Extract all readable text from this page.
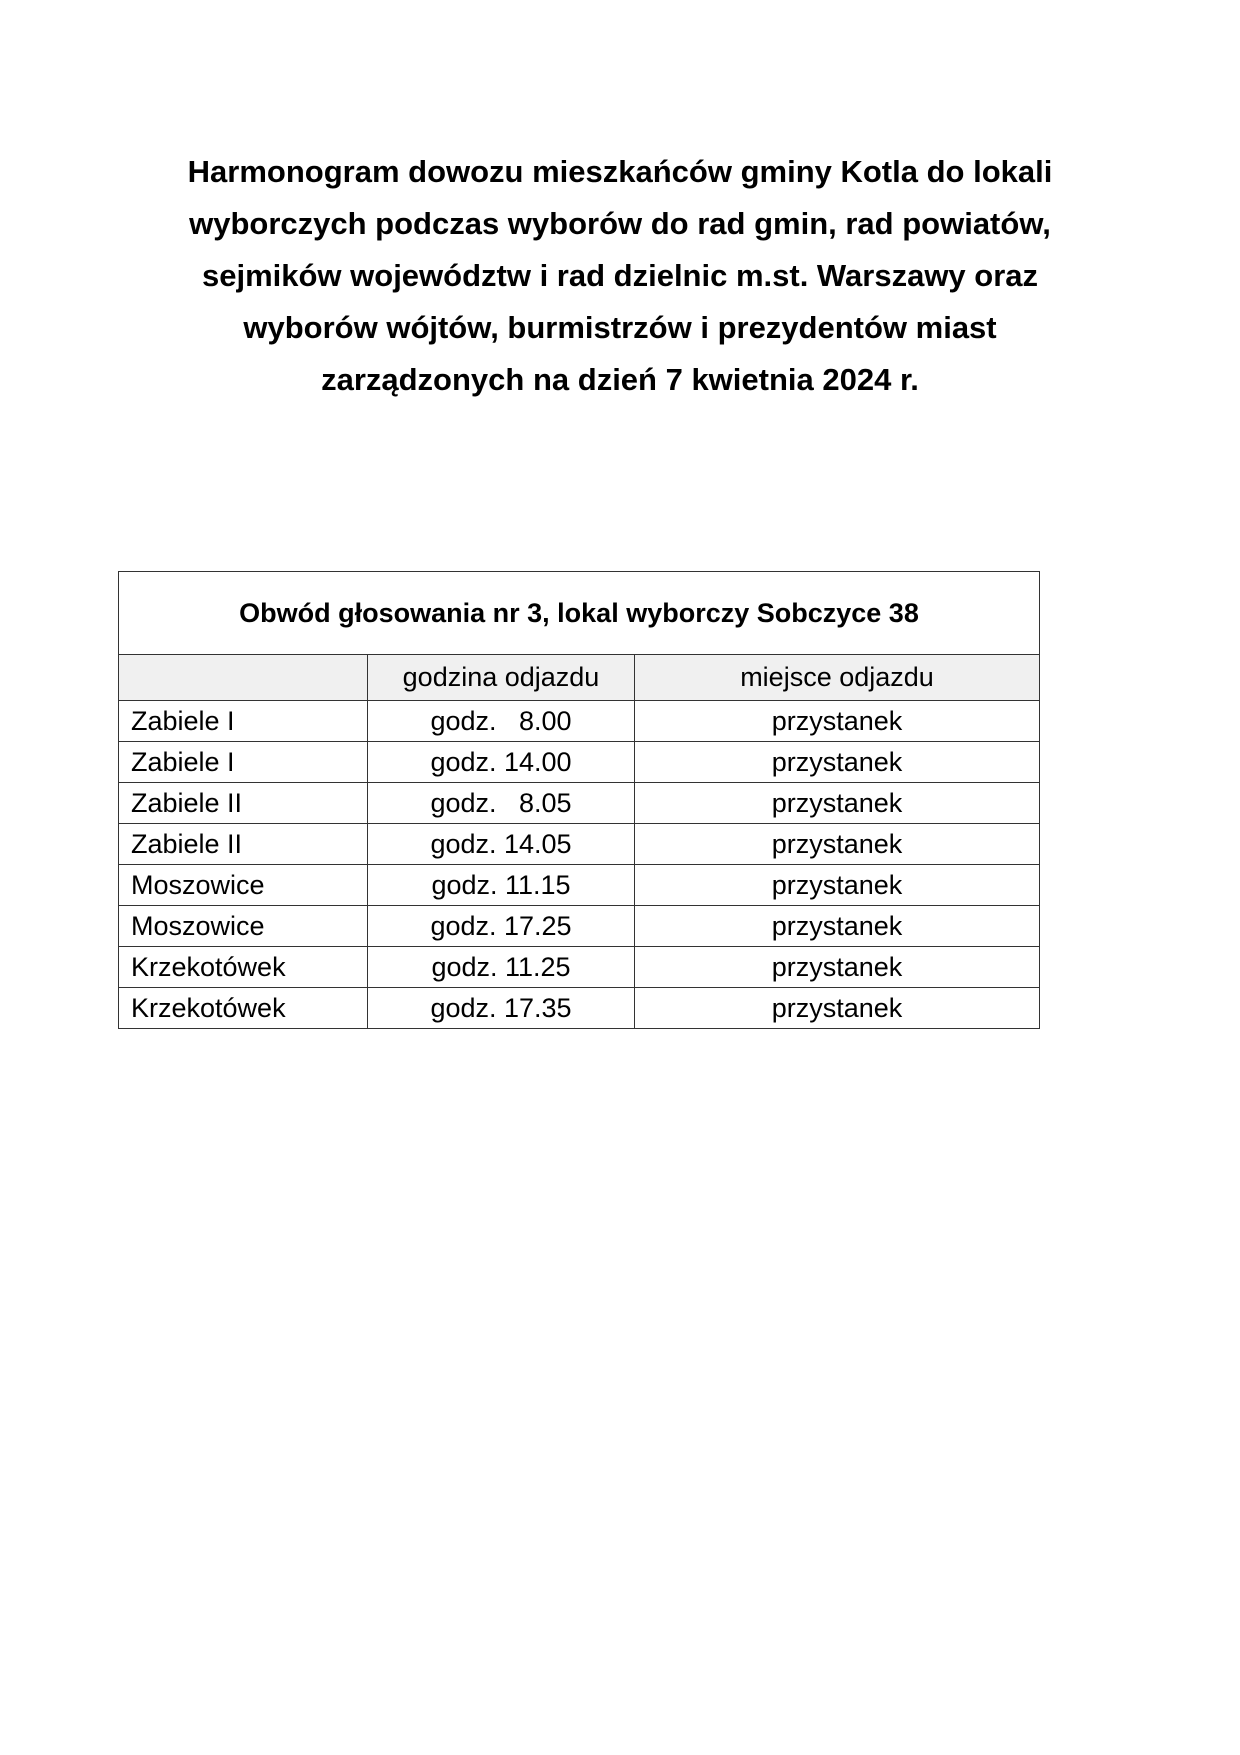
Harmonogram dowozu mieszkańców gminy Kotla do lokali
wyborczych podczas wyborów do rad gmin, rad powiatów,
sejmików województw i rad dzielnic m.st. Warszawy oraz
wyborów wójtów, burmistrzów i prezydentów miast
zarządzonych na dzień 7 kwietnia 2024 r.
Obwód głosowania nr 3, lokal wyborczy Sobczyce 38		
	godzina odjazdu	miejsce odjazdu
Zabiele I	godz.   8.00	przystanek
Zabiele I	godz. 14.00	przystanek
Zabiele II	godz.   8.05	przystanek
Zabiele II	godz. 14.05	przystanek
Moszowice	godz. 11.15	przystanek
Moszowice	godz. 17.25	przystanek
Krzekotówek	godz. 11.25	przystanek
Krzekotówek	godz. 17.35	przystanek
